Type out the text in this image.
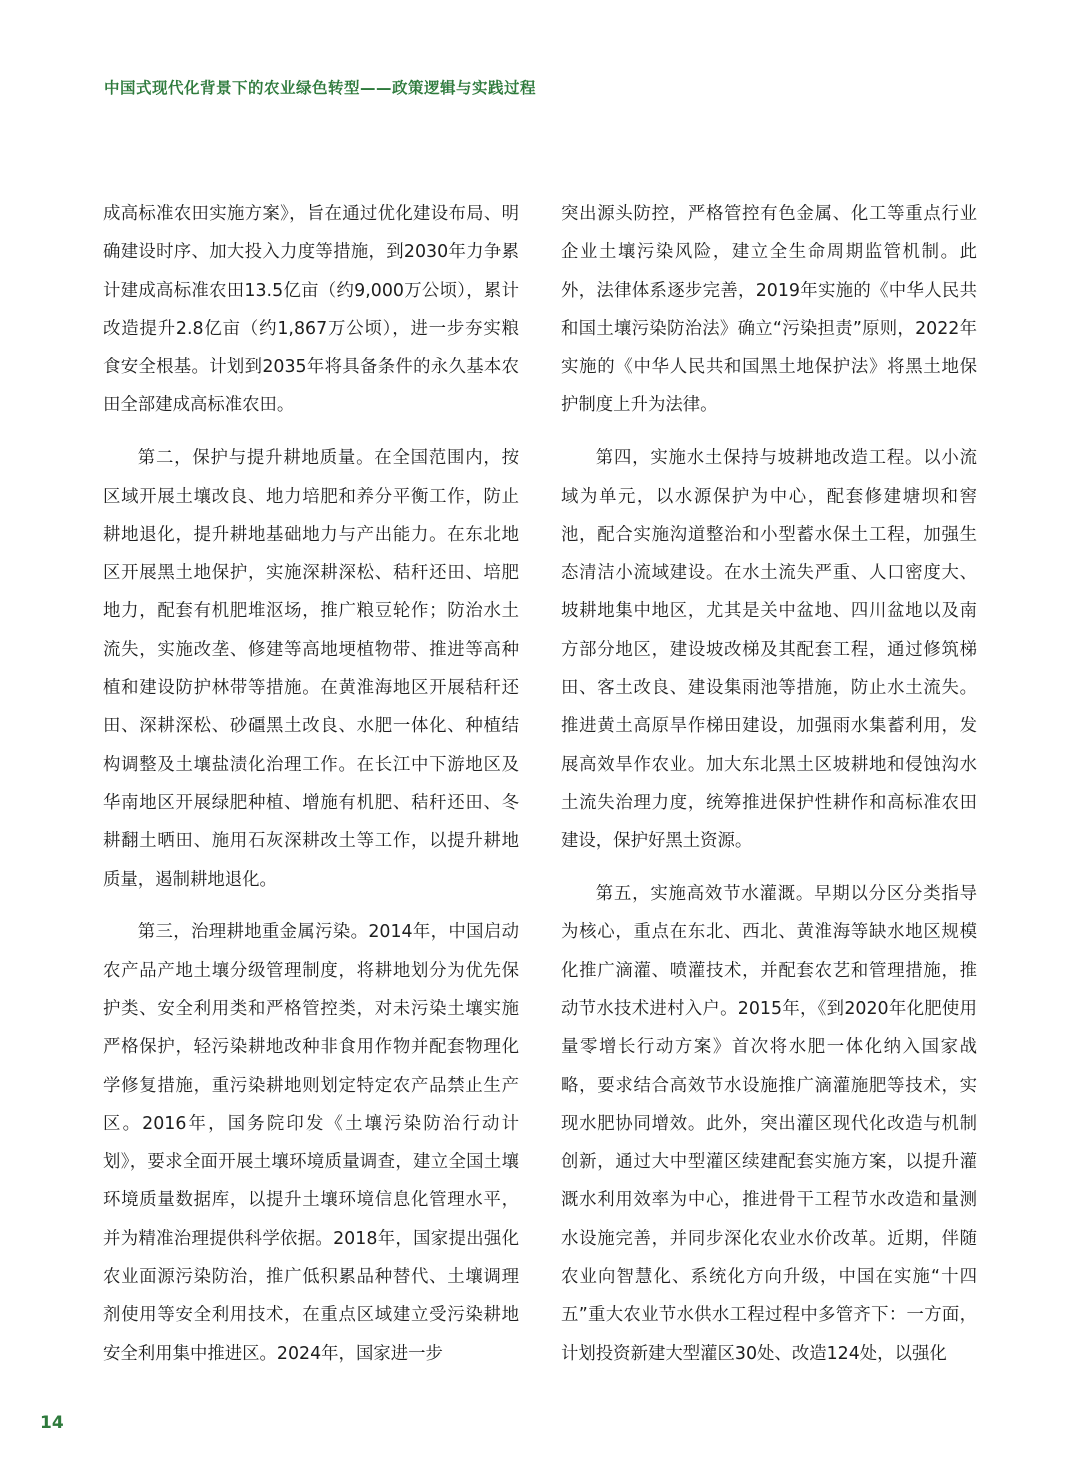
中国式现代化背景下的农业绿色转型——政策逻辑与实践过程

成高标准农田实施方案》，旨在通过优化建设布局、明确建设时序、加大投入力度等措施，到2030年力争累计建成高标准农田13.5亿亩（约9,000万公顷），累计改造提升2.8亿亩（约1,867万公顷），进一步夯实粮食安全根基。计划到2035年将具备条件的永久基本农田全部建成高标准农田。

第二，保护与提升耕地质量。在全国范围内，按区域开展土壤改良、地力培肥和养分平衡工作，防止耕地退化，提升耕地基础地力与产出能力。在东北地区开展黑土地保护，实施深耕深松、秸秆还田、培肥地力，配套有机肥堆沤场，推广粮豆轮作；防治水土流失，实施改垄、修建等高地埂植物带、推进等高种植和建设防护林带等措施。在黄淮海地区开展秸秆还田、深耕深松、砂礓黑土改良、水肥一体化、种植结构调整及土壤盐渍化治理工作。在长江中下游地区及华南地区开展绿肥种植、增施有机肥、秸秆还田、冬耕翻土晒田、施用石灰深耕改土等工作，以提升耕地质量，遏制耕地退化。

第三，治理耕地重金属污染。2014年，中国启动农产品产地土壤分级管理制度，将耕地划分为优先保护类、安全利用类和严格管控类，对未污染土壤实施严格保护，轻污染耕地改种非食用作物并配套物理化学修复措施，重污染耕地则划定特定农产品禁止生产区。2016年，国务院印发《土壤污染防治行动计划》，要求全面开展土壤环境质量调查，建立全国土壤环境质量数据库，以提升土壤环境信息化管理水平，并为精准治理提供科学依据。2018年，国家提出强化农业面源污染防治，推广低积累品种替代、土壤调理剂使用等安全利用技术，在重点区域建立受污染耕地安全利用集中推进区。2024年，国家进一步

突出源头防控，严格管控有色金属、化工等重点行业企业土壤污染风险，建立全生命周期监管机制。此外，法律体系逐步完善，2019年实施的《中华人民共和国土壤污染防治法》确立“污染担责”原则，2022年实施的《中华人民共和国黑土地保护法》将黑土地保护制度上升为法律。

第四，实施水土保持与坡耕地改造工程。以小流域为单元，以水源保护为中心，配套修建塘坝和窖池，配合实施沟道整治和小型蓄水保土工程，加强生态清洁小流域建设。在水土流失严重、人口密度大、坡耕地集中地区，尤其是关中盆地、四川盆地以及南方部分地区，建设坡改梯及其配套工程，通过修筑梯田、客土改良、建设集雨池等措施，防止水土流失。推进黄土高原旱作梯田建设，加强雨水集蓄利用，发展高效旱作农业。加大东北黑土区坡耕地和侵蚀沟水土流失治理力度，统筹推进保护性耕作和高标准农田建设，保护好黑土资源。

第五，实施高效节水灌溉。早期以分区分类指导为核心，重点在东北、西北、黄淮海等缺水地区规模化推广滴灌、喷灌技术，并配套农艺和管理措施，推动节水技术进村入户。2015年，《到2020年化肥使用量零增长行动方案》首次将水肥一体化纳入国家战略，要求结合高效节水设施推广滴灌施肥等技术，实现水肥协同增效。此外，突出灌区现代化改造与机制创新，通过大中型灌区续建配套实施方案，以提升灌溉水利用效率为中心，推进骨干工程节水改造和量测水设施完善，并同步深化农业水价改革。近期，伴随农业向智慧化、系统化方向升级，中国在实施“十四五”重大农业节水供水工程过程中多管齐下：一方面，计划投资新建大型灌区30处、改造124处，以强化

14
